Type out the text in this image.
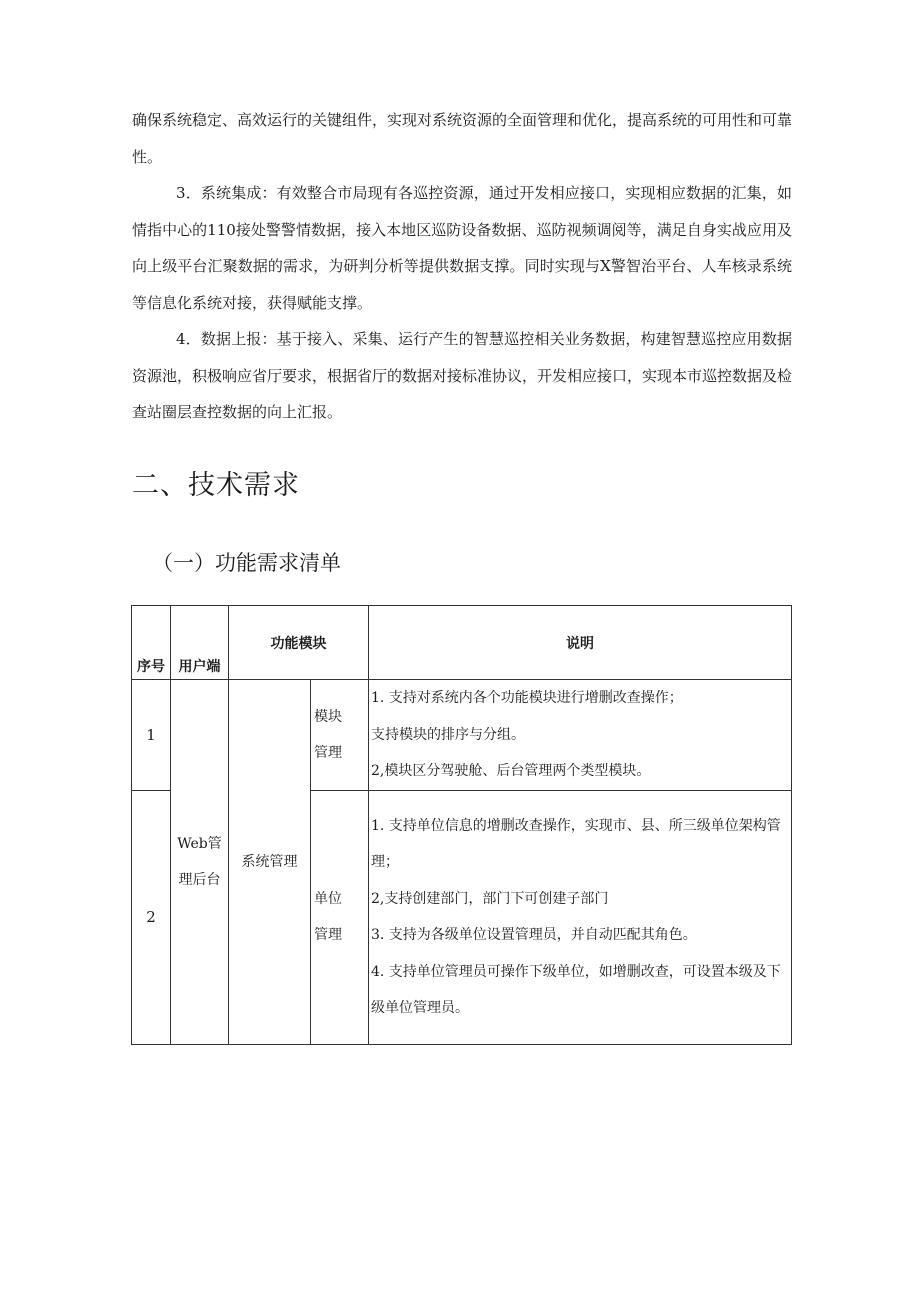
确保系统稳定、高效运行的关键组件，实现对系统资源的全面管理和优化，提高系统的可用性和可靠性。

3．系统集成：有效整合市局现有各巡控资源，通过开发相应接口，实现相应数据的汇集，如情指中心的110接处警警情数据，接入本地区巡防设备数据、巡防视频调阅等，满足自身实战应用及向上级平台汇聚数据的需求，为研判分析等提供数据支撑。同时实现与X警智治平台、人车核录系统等信息化系统对接，获得赋能支撑。

4．数据上报：基于接入、采集、运行产生的智慧巡控相关业务数据，构建智慧巡控应用数据资源池，积极响应省厅要求，根据省厅的数据对接标准协议，开发相应接口，实现本市巡控数据及检查站圈层查控数据的向上汇报。

二、技术需求
（一）功能需求清单
序号	用户端	功能模块		说明
1	Web管理后台	系统管理	模块管理	1. 支持对系统内各个功能模块进行增删改查操作；
支持模块的排序与分组。
2,模块区分驾驶舱、后台管理两个类型模块。

2			单位管理	1. 支持单位信息的增删改查操作，实现市、县、所三级单位架构管理；
2,支持创建部门，部门下可创建子部门
3. 支持为各级单位设置管理员，并自动匹配其角色。
4. 支持单位管理员可操作下级单位，如增删改查，可设置本级及下级单位管理员。
